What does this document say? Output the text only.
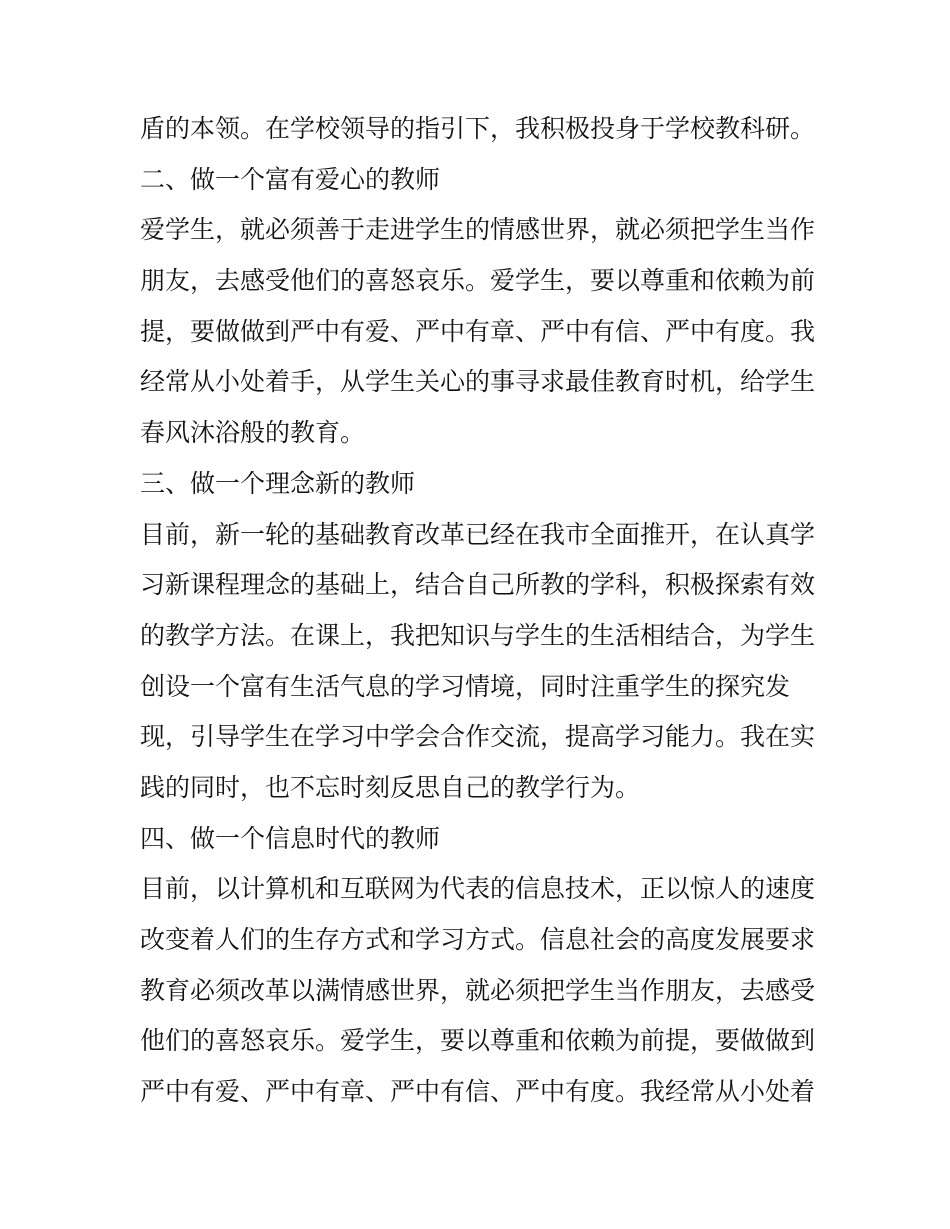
盾的本领。在学校领导的指引下，我积极投身于学校教科研。
二、做一个富有爱心的教师
爱学生，就必须善于走进学生的情感世界，就必须把学生当作
朋友，去感受他们的喜怒哀乐。爱学生，要以尊重和依赖为前
提，要做做到严中有爱、严中有章、严中有信、严中有度。我
经常从小处着手，从学生关心的事寻求最佳教育时机，给学生
春风沐浴般的教育。
三、做一个理念新的教师
目前，新一轮的基础教育改革已经在我市全面推开，在认真学
习新课程理念的基础上，结合自己所教的学科，积极探索有效
的教学方法。在课上，我把知识与学生的生活相结合，为学生
创设一个富有生活气息的学习情境，同时注重学生的探究发
现，引导学生在学习中学会合作交流，提高学习能力。我在实
践的同时，也不忘时刻反思自己的教学行为。
四、做一个信息时代的教师
目前，以计算机和互联网为代表的信息技术，正以惊人的速度
改变着人们的生存方式和学习方式。信息社会的高度发展要求
教育必须改革以满情感世界，就必须把学生当作朋友，去感受
他们的喜怒哀乐。爱学生，要以尊重和依赖为前提，要做做到
严中有爱、严中有章、严中有信、严中有度。我经常从小处着
